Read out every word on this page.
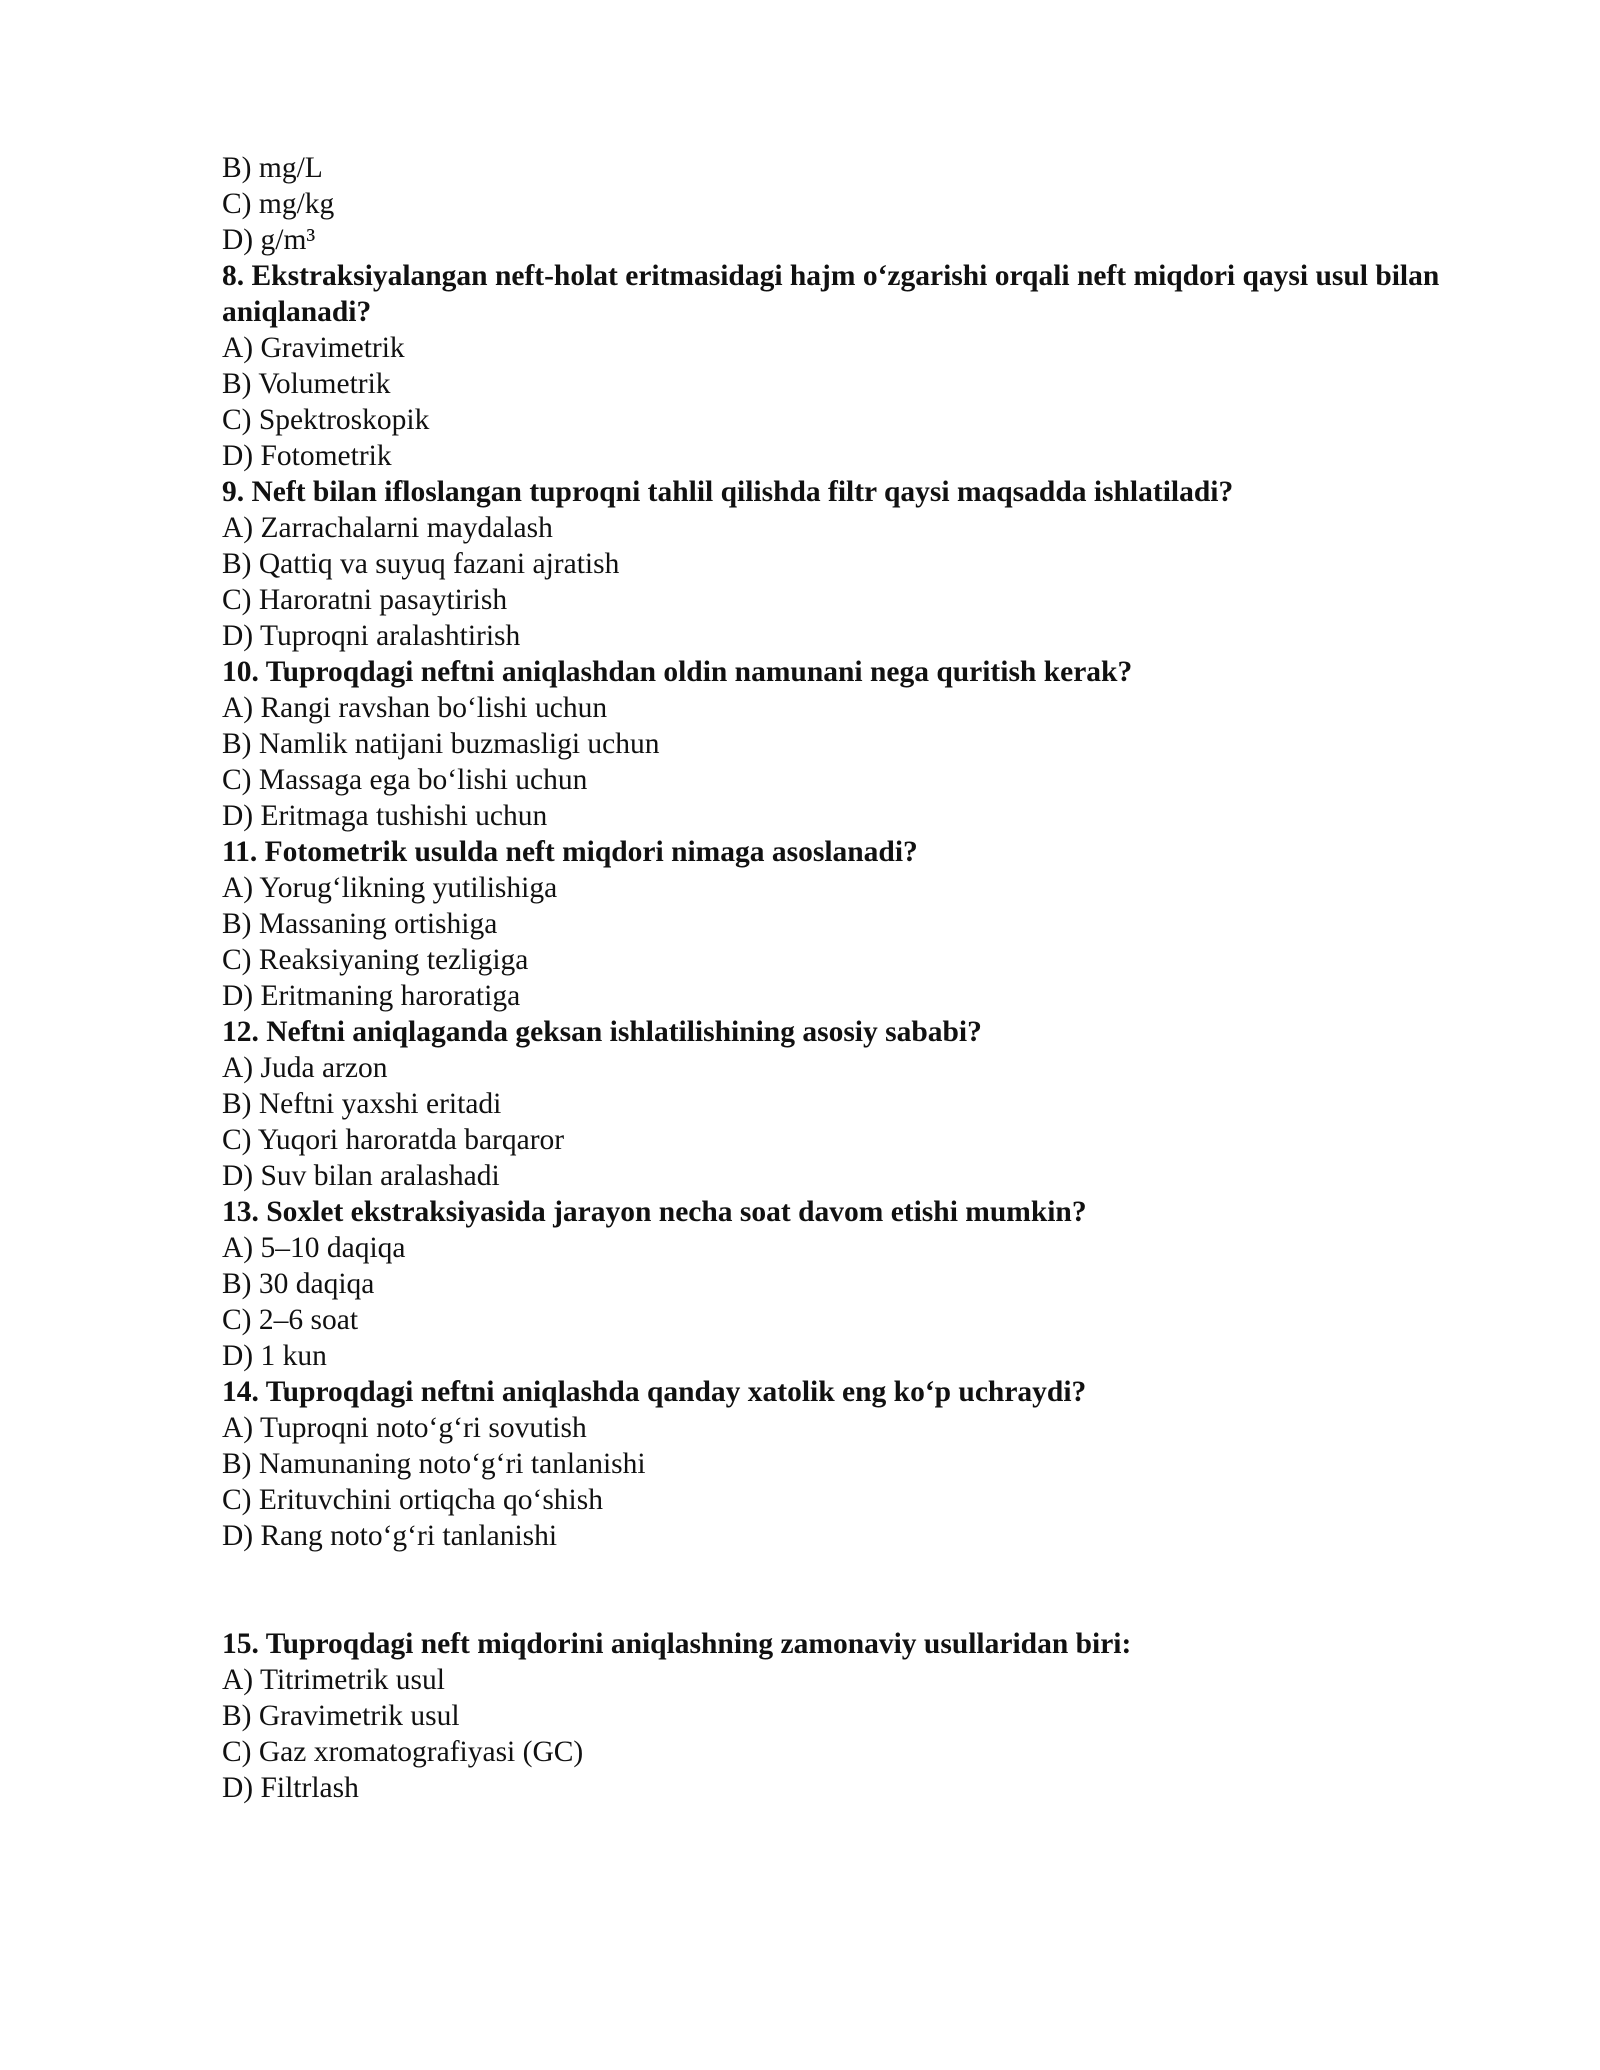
B) mg/L

C) mg/kg

D) g/m³

8. Ekstraksiyalangan neft-holat eritmasidagi hajm o‘zgarishi orqali neft miqdori qaysi usul bilan aniqlanadi?

A) Gravimetrik

B) Volumetrik

C) Spektroskopik

D) Fotometrik

9. Neft bilan ifloslangan tuproqni tahlil qilishda filtr qaysi maqsadda ishlatiladi?

A) Zarrachalarni maydalash

B) Qattiq va suyuq fazani ajratish

C) Haroratni pasaytirish

D) Tuproqni aralashtirish

10. Tuproqdagi neftni aniqlashdan oldin namunani nega quritish kerak?

A) Rangi ravshan bo‘lishi uchun

B) Namlik natijani buzmasligi uchun

C) Massaga ega bo‘lishi uchun

D) Eritmaga tushishi uchun

11. Fotometrik usulda neft miqdori nimaga asoslanadi?

A) Yorug‘likning yutilishiga

B) Massaning ortishiga

C) Reaksiyaning tezligiga

D) Eritmaning haroratiga

12. Neftni aniqlaganda geksan ishlatilishining asosiy sababi?

A) Juda arzon

B) Neftni yaxshi eritadi

C) Yuqori haroratda barqaror

D) Suv bilan aralashadi

13. Soxlet ekstraksiyasida jarayon necha soat davom etishi mumkin?

A) 5–10 daqiqa

B) 30 daqiqa

C) 2–6 soat

D) 1 kun

14. Tuproqdagi neftni aniqlashda qanday xatolik eng ko‘p uchraydi?

A) Tuproqni noto‘g‘ri sovutish

B) Namunaning noto‘g‘ri tanlanishi

C) Erituvchini ortiqcha qo‘shish

D) Rang noto‘g‘ri tanlanishi

15. Tuproqdagi neft miqdorini aniqlashning zamonaviy usullaridan biri:

A) Titrimetrik usul

B) Gravimetrik usul

C) Gaz xromatografiyasi (GC)

D) Filtrlash
